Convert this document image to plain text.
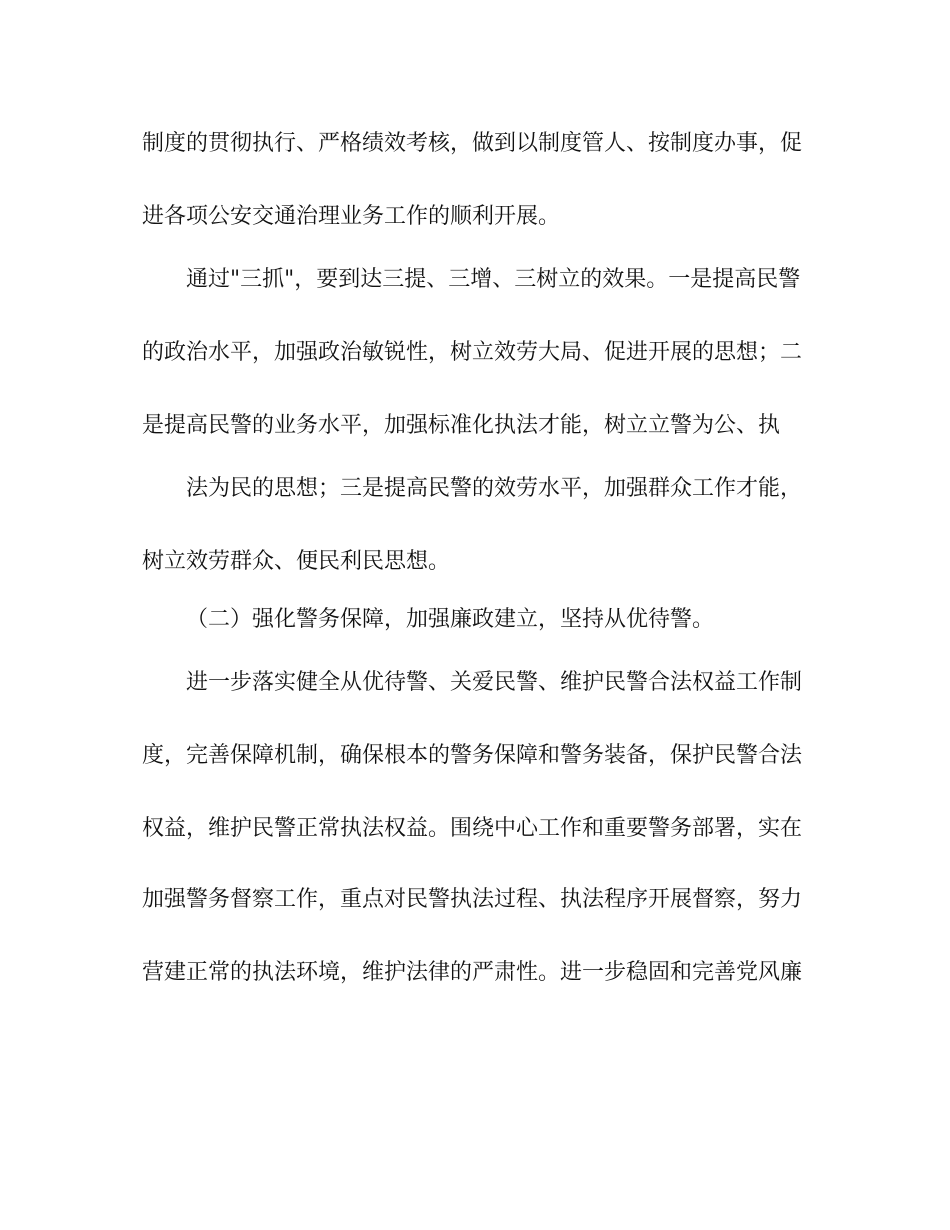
制度的贯彻执行、严格绩效考核，做到以制度管人、按制度办事，促
进各项公安交通治理业务工作的顺利开展。
通过"三抓"，要到达三提、三增、三树立的效果。一是提高民警
的政治水平，加强政治敏锐性，树立效劳大局、促进开展的思想；二
是提高民警的业务水平，加强标准化执法才能，树立立警为公、执
法为民的思想；三是提高民警的效劳水平，加强群众工作才能，
树立效劳群众、便民利民思想。
（二）强化警务保障，加强廉政建立，坚持从优待警。
进一步落实健全从优待警、关爱民警、维护民警合法权益工作制
度，完善保障机制，确保根本的警务保障和警务装备，保护民警合法
权益，维护民警正常执法权益。围绕中心工作和重要警务部署，实在
加强警务督察工作，重点对民警执法过程、执法程序开展督察，努力
营建正常的执法环境，维护法律的严肃性。进一步稳固和完善党风廉
